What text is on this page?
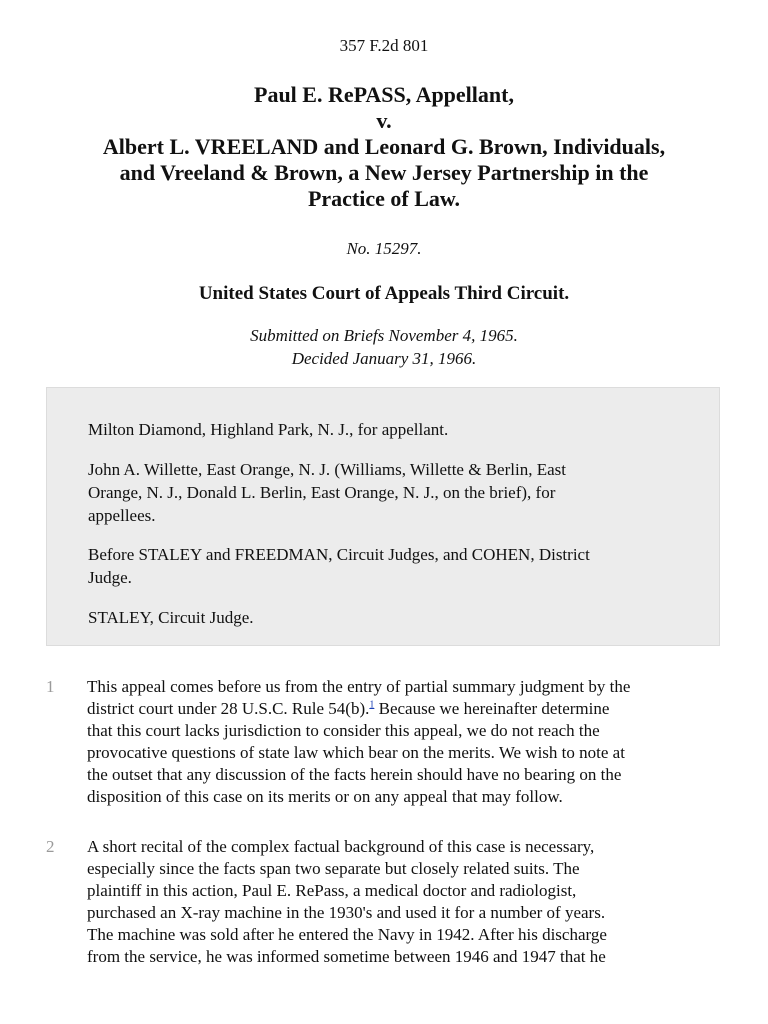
357 F.2d 801
Paul E. RePASS, Appellant,
v.
Albert L. VREELAND and Leonard G. Brown, Individuals,
and Vreeland & Brown, a New Jersey Partnership in the
Practice of Law.
No. 15297.
United States Court of Appeals Third Circuit.
Submitted on Briefs November 4, 1965.
Decided January 31, 1966.

Milton Diamond, Highland Park, N. J., for appellant.

John A. Willette, East Orange, N. J. (Williams, Willette & Berlin, East
Orange, N. J., Donald L. Berlin, East Orange, N. J., on the brief), for
appellees.

Before STALEY and FREEDMAN, Circuit Judges, and COHEN, District
Judge.

STALEY, Circuit Judge.

1 This appeal comes before us from the entry of partial summary judgment by the
district court under 28 U.S.C. Rule 54(b).$^1$ Because we hereinafter determine
that this court lacks jurisdiction to consider this appeal, we do not reach the
provocative questions of state law which bear on the merits. We wish to note at
the outset that any discussion of the facts herein should have no bearing on the
disposition of this case on its merits or on any appeal that may follow.
2 A short recital of the complex factual background of this case is necessary,
especially since the facts span two separate but closely related suits. The
plaintiff in this action, Paul E. RePass, a medical doctor and radiologist,
purchased an X-ray machine in the 1930's and used it for a number of years.
The machine was sold after he entered the Navy in 1942. After his discharge
from the service, he was informed sometime between 1946 and 1947 that he
